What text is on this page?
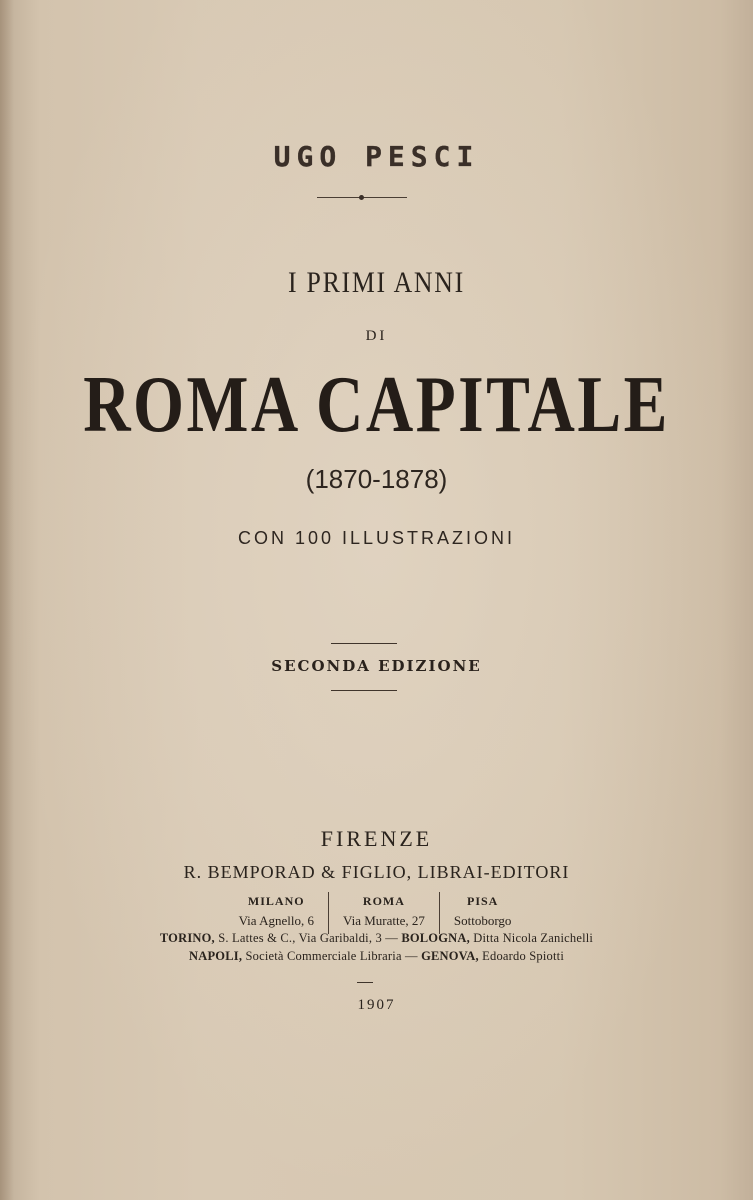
UGO PESCI
I PRIMI ANNI
DI
ROMA CAPITALE
(1870-1878)
CON 100 ILLUSTRAZIONI
SECONDA EDIZIONE
FIRENZE
R. BEMPORAD & FIGLIO, LIBRAI-EDITORI
MILANO
Via Agnello, 6
ROMA
Via Muratte, 27
PISA
Sottoborgo
TORINO, S. Lattes & C., Via Garibaldi, 3 — BOLOGNA, Ditta Nicola Zanichelli
NAPOLI, Società Commerciale Libraria — GENOVA, Edoardo Spiotti
1907
